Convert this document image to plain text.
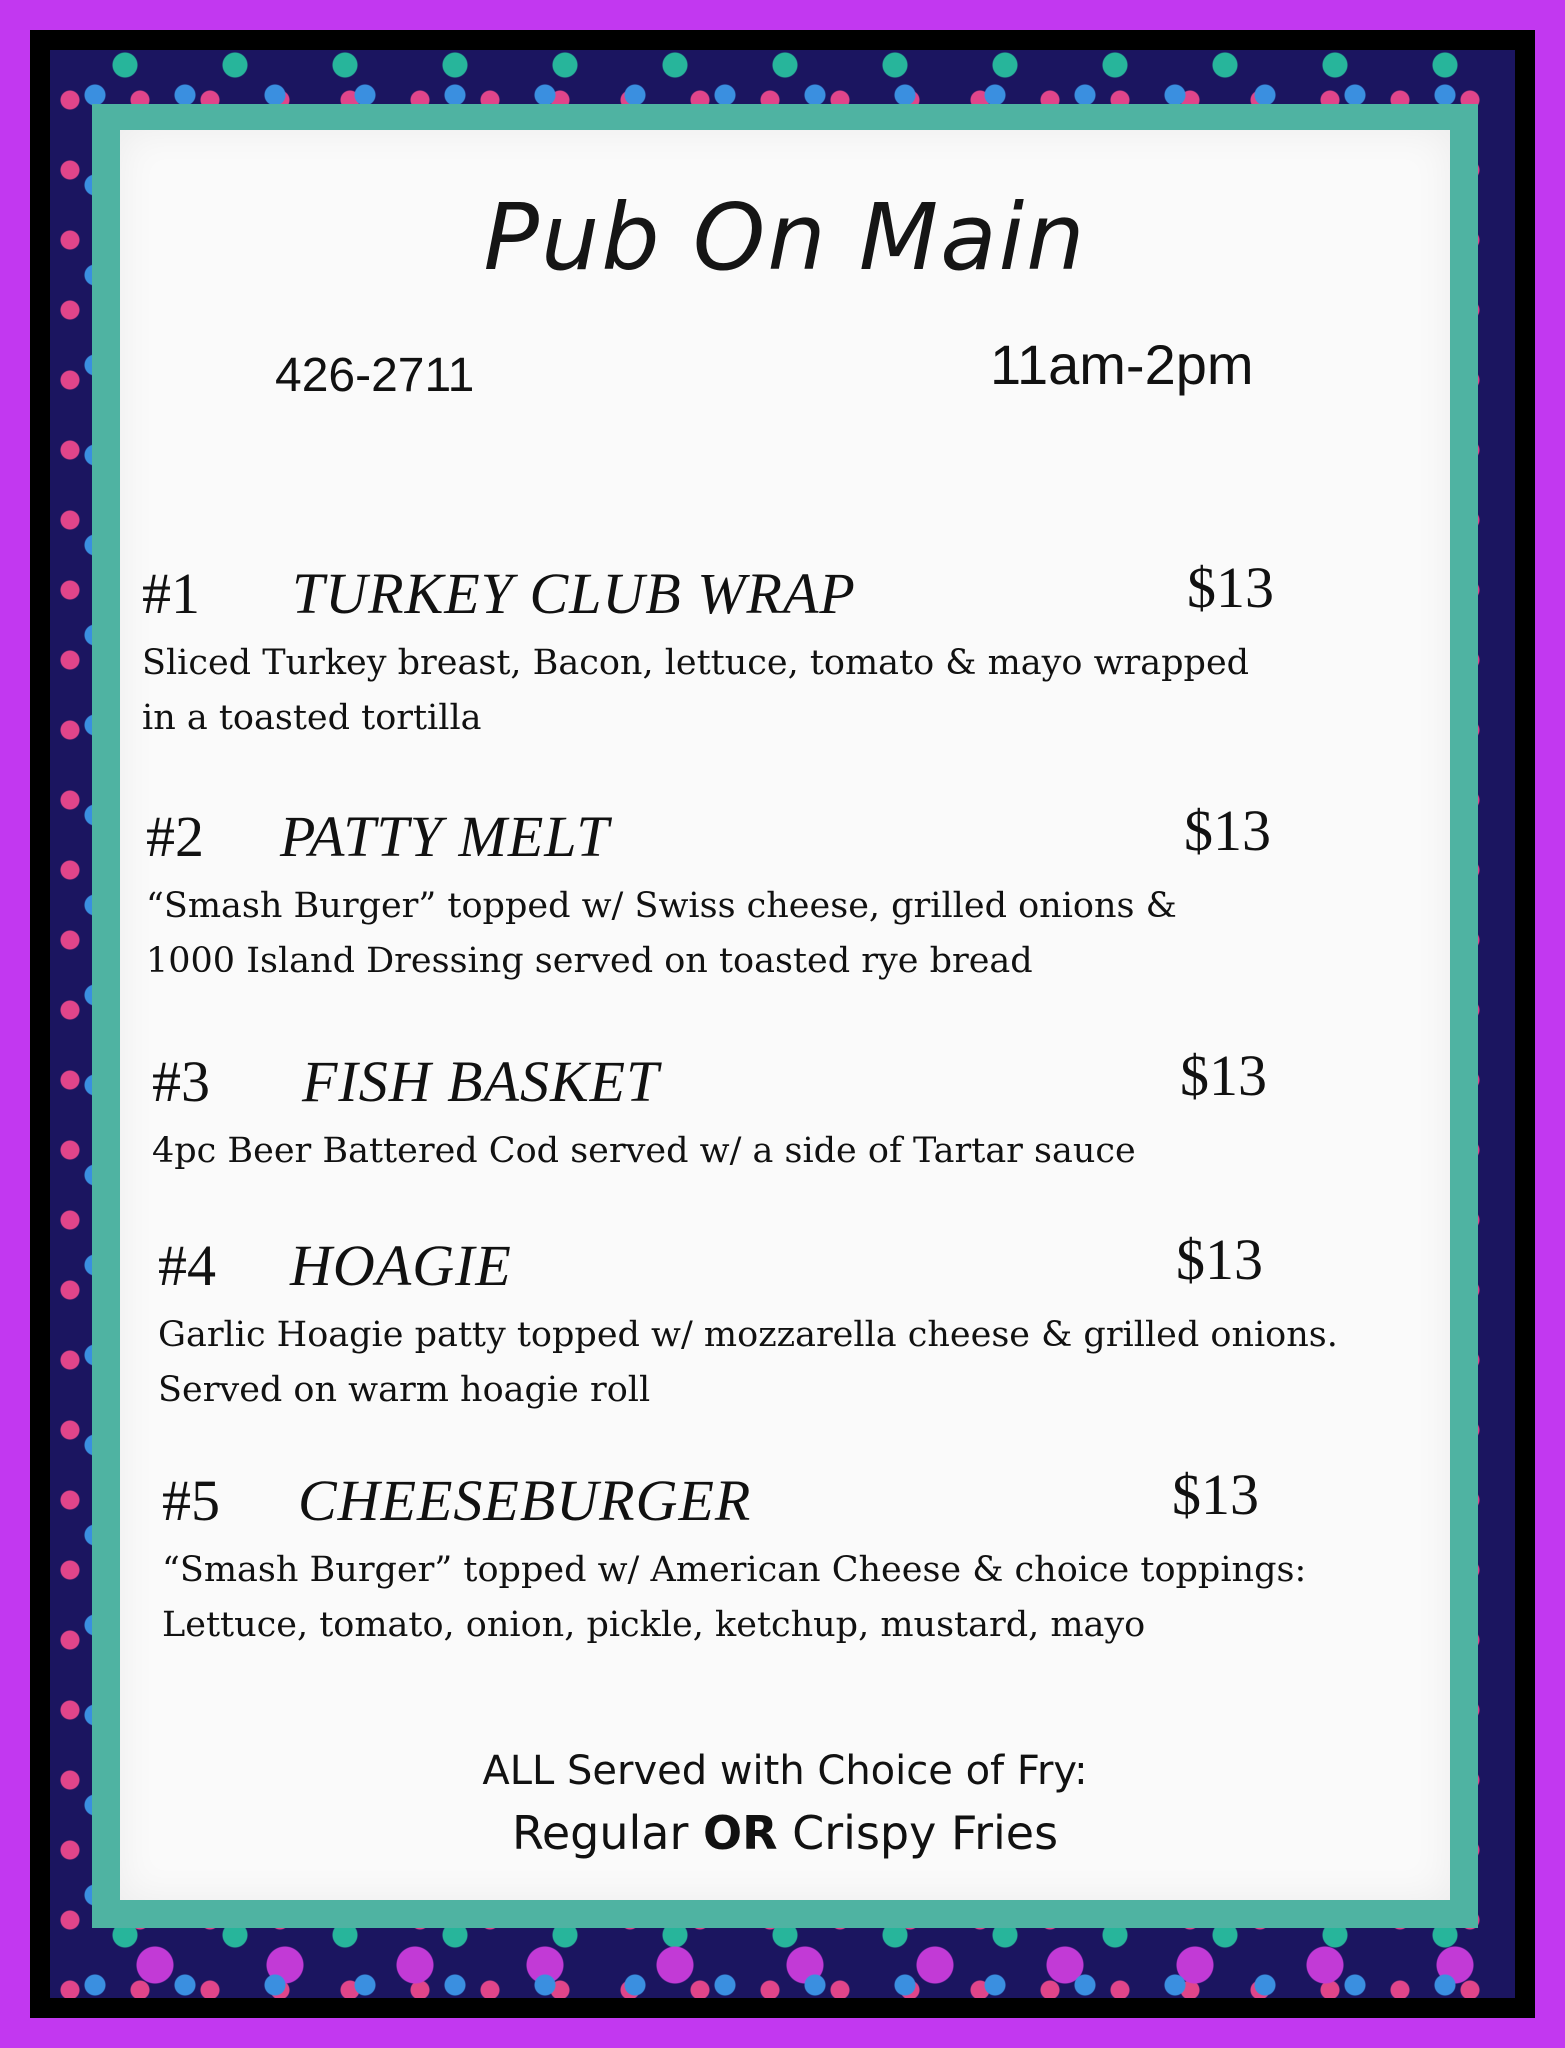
Pub On Main
426-2711	11am-2pm
#1 TURKEY CLUB WRAP	$13
Sliced Turkey breast, Bacon, lettuce, tomato & mayo wrapped
in a toasted tortilla
#2 PATTY MELT	$13
“Smash Burger” topped w/ Swiss cheese, grilled onions &
1000 Island Dressing served on toasted rye bread
#3 FISH BASKET	$13
4pc Beer Battered Cod served w/ a side of Tartar sauce
#4 HOAGIE	$13
Garlic Hoagie patty topped w/ mozzarella cheese & grilled onions.
Served on warm hoagie roll
#5 CHEESEBURGER	$13
“Smash Burger” topped w/ American Cheese & choice toppings:
Lettuce, tomato, onion, pickle, ketchup, mustard, mayo
ALL Served with Choice of Fry:
Regular OR Crispy Fries
